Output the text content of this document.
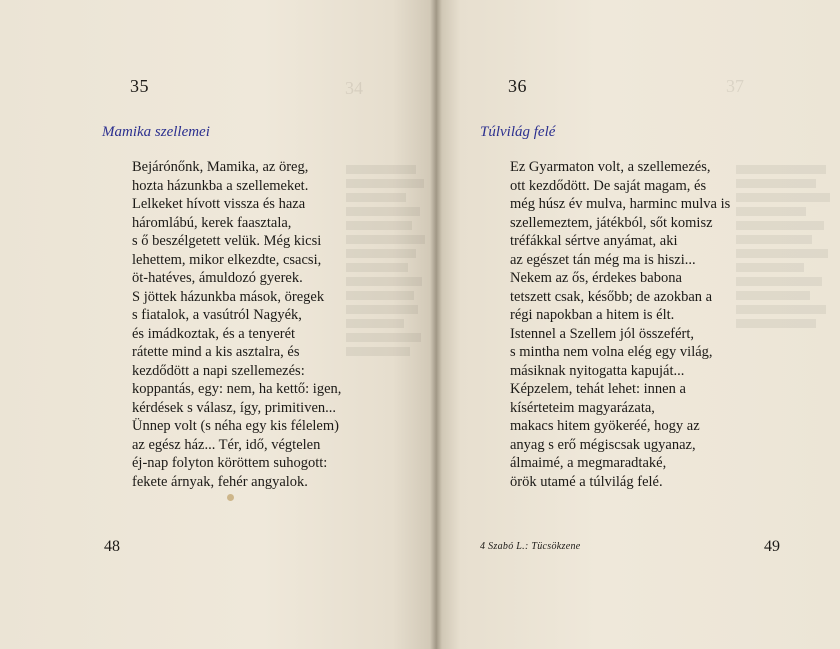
34
35
Mamika szellemei
Bejárónőnk, Mamika, az öreg,
hozta házunkba a szellemeket.
Lelkeket hívott vissza és haza
háromlábú, kerek faasztala,
s ő beszélgetett velük. Még kicsi
lehettem, mikor elkezdte, csacsi,
öt-hatéves, ámuldozó gyerek.
S jöttek házunkba mások, öregek
s fiatalok, a vasútról Nagyék,
és imádkoztak, és a tenyerét
rátette mind a kis asztalra, és
kezdődött a napi szellemezés:
koppantás, egy: nem, ha kettő: igen,
kérdések s válasz, így, primitiven...
Ünnep volt (s néha egy kis félelem)
az egész ház... Tér, idő, végtelen
éj-nap folyton köröttem suhogott:
fekete árnyak, fehér angyalok.
48
37
36
Túlvilág felé
Ez Gyarmaton volt, a szellemezés,
ott kezdődött. De saját magam, és
még húsz év mulva, harminc mulva is
szellemeztem, játékból, sőt komisz
tréfákkal sértve anyámat, aki
az egészet tán még ma is hiszi...
Nekem az ős, érdekes babona
tetszett csak, később; de azokban a
régi napokban a hitem is élt.
Istennel a Szellem jól összefért,
s mintha nem volna elég egy világ,
másiknak nyitogatta kapuját...
Képzelem, tehát lehet: innen a
kísérteteim magyarázata,
makacs hitem gyökeréé, hogy az
anyag s erő mégiscsak ugyanaz,
álmaimé, a megmaradtaké,
örök utamé a túlvilág felé.
4 Szabó L.: Tücsökzene	49
